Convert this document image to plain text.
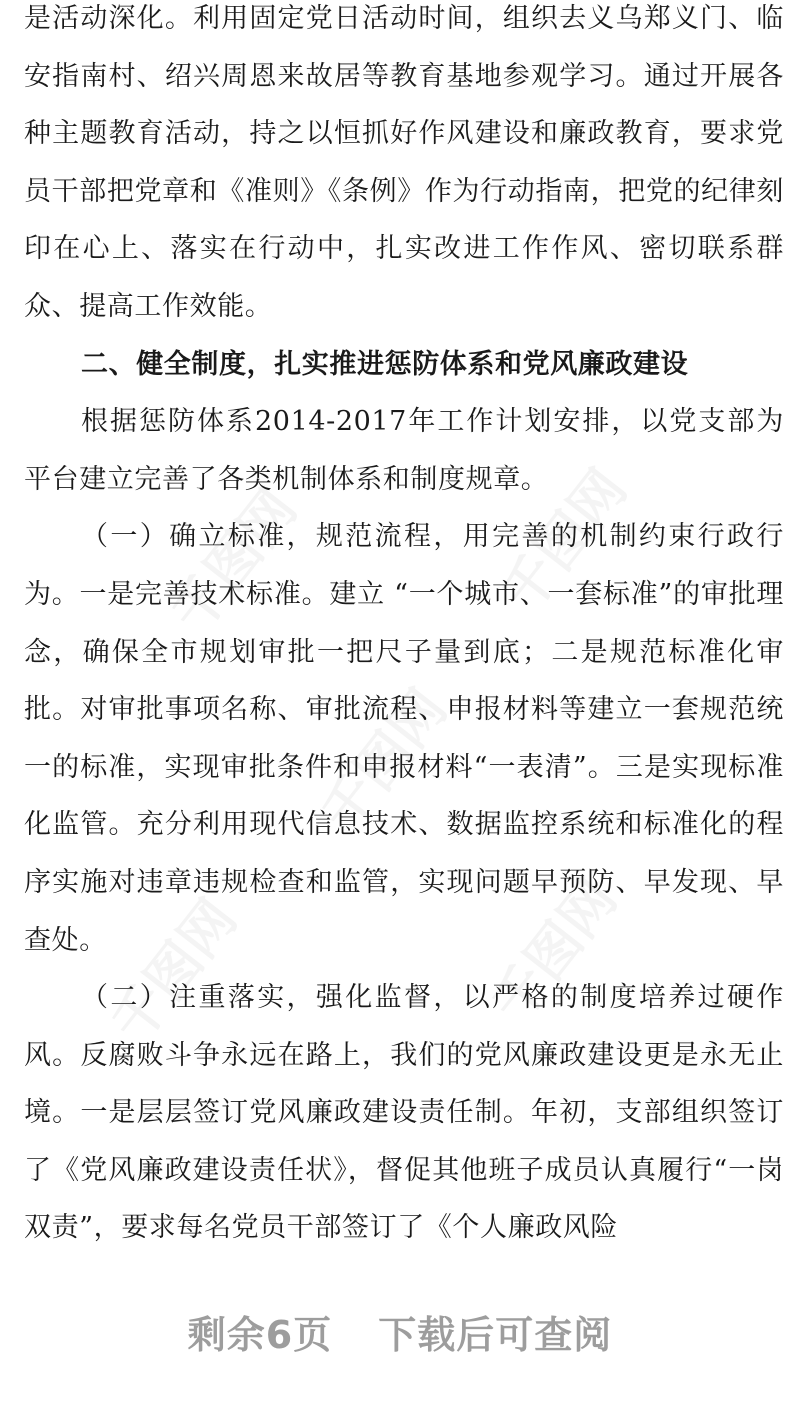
是活动深化。利用固定党日活动时间，组织去义乌郑义门、临安指南村、绍兴周恩来故居等教育基地参观学习。通过开展各种主题教育活动，持之以恒抓好作风建设和廉政教育，要求党员干部把党章和《准则》《条例》作为行动指南，把党的纪律刻印在心上、落实在行动中，扎实改进工作作风、密切联系群众、提高工作效能。

二、健全制度，扎实推进惩防体系和党风廉政建设

根据惩防体系2014-2017年工作计划安排，以党支部为平台建立完善了各类机制体系和制度规章。

（一）确立标准，规范流程，用完善的机制约束行政行为。一是完善技术标准。建立 “一个城市、一套标准”的审批理念，确保全市规划审批一把尺子量到底；二是规范标准化审批。对审批事项名称、审批流程、申报材料等建立一套规范统一的标准，实现审批条件和申报材料“一表清”。三是实现标准化监管。充分利用现代信息技术、数据监控系统和标准化的程序实施对违章违规检查和监管，实现问题早预防、早发现、早查处。

（二）注重落实，强化监督，以严格的制度培养过硬作风。反腐败斗争永远在路上，我们的党风廉政建设更是永无止境。一是层层签订党风廉政建设责任制。年初，支部组织签订了《党风廉政建设责任状》，督促其他班子成员认真履行“一岗双责”，要求每名党员干部签订了《个人廉政风险

剩余6页 下载后可查阅
